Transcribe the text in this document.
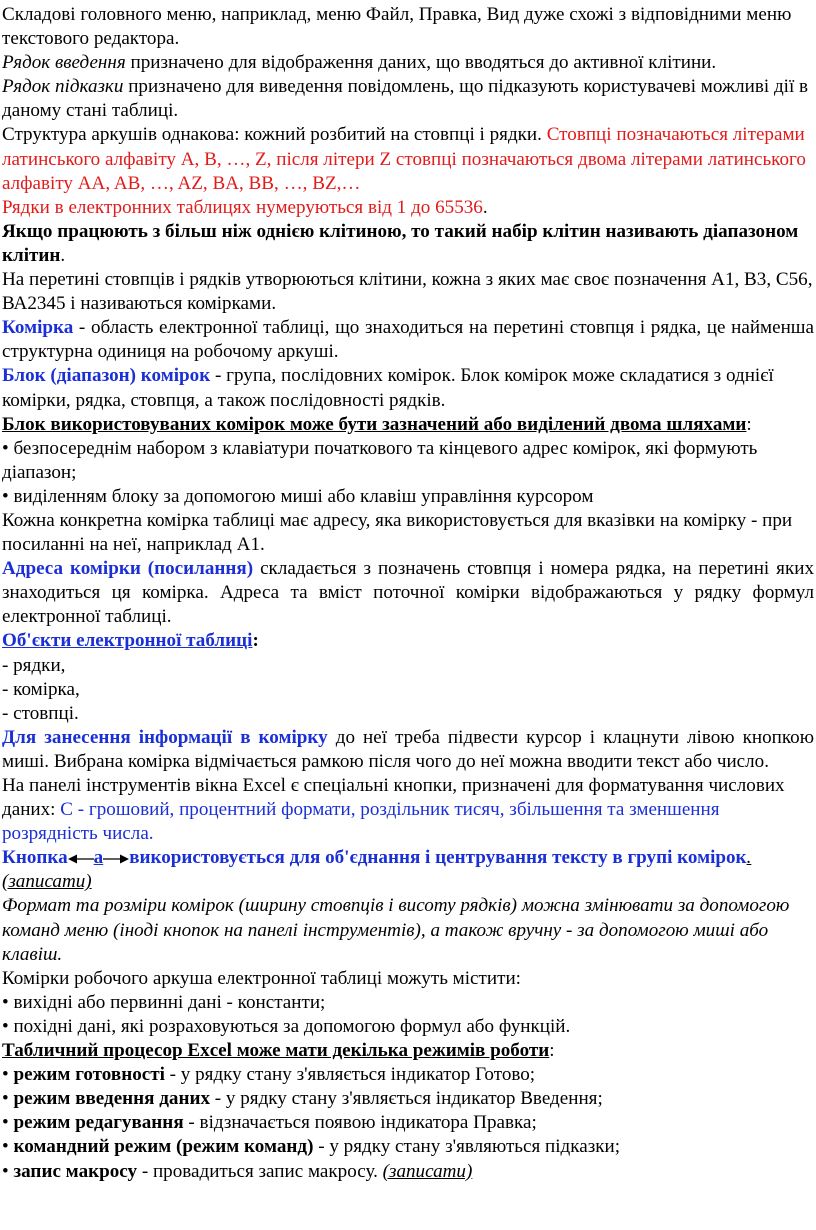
Складові головного меню, наприклад, меню Файл, Правка, Вид дуже схожі з відповідними меню текстового редактора.

Рядок введення призначено для відображення даних, що вводяться до активної клітини.

Рядок підказки призначено для виведення повідомлень, що підказують користувачеві можливі дії в даному стані таблиці.

Структура аркушів однакова: кожний розбитий на стовпці і рядки. Стовпці позначаються літерами латинського алфавіту A, B, …, Z, після літери Z стовпці позначаються двома літерами латинського алфавіту AA, AB, …, AZ, BA, BB, …, BZ,…

Рядки в електронних таблицях нумеруються від 1 до 65536.

Якщо працюють з більш ніж однією клітиною, то такий набір клітин називають діапазоном клітин.

На перетині стовпців і рядків утворюються клітини, кожна з яких має своє позначення А1, В3, С56, ВА2345 і називаються комірками.

Комірка - область електронної таблиці, що знаходиться на перетині стовпця і рядка, це найменша структурна одиниця на робочому аркуші.

Блок (діапазон) комірок - група, послідовних комірок. Блок комірок може складатися з однієї комірки, рядка, стовпця, а також послідовності рядків.

Блок використовуваних комірок може бути зазначений або виділений двома шляхами:

• безпосереднім набором з клавіатури початкового та кінцевого адрес комірок, які формують діапазон;

• виділенням блоку за допомогою миші або клавіш управління курсором

Кожна конкретна комірка таблиці має адресу, яка використовується для вказівки на комірку - при посиланні на неї, наприклад А1.

Адреса комірки (посилання) складається з позначень стовпця і номера рядка, на перетині яких знаходиться ця комірка. Адреса та вміст поточної комірки відображаються у рядку формул електронної таблиці.

Об'єкти електронної таблиці:

- рядки,

- комірка,

- стовпці.

Для занесення інформації в комірку до неї треба підвести курсор і клацнути лівою кнопкою миші. Вибрана комірка відмічається рамкою після чого до неї можна вводити текст або число.

На панелі інструментів вікна Excel є спеціальні кнопки, призначені для форматування числових даних: С - грошовий, процентний формати, роздільник тисяч, збільшення та зменшення розрядність числа.

Кнопка а використовується для об'єднання і центрування тексту в групі комірок.(записати)

Формат та розміри комірок (ширину стовпців і висоту рядків) можна змінювати за допомогою команд меню (іноді кнопок на панелі інструментів), а також вручну - за допомогою миші або клавіш.

Комірки робочого аркуша електронної таблиці можуть містити:

• вихідні або первинні дані - константи;

• похідні дані, які розраховуються за допомогою формул або функцій.

Табличний процесор Excel може мати декілька режимів роботи:

• режим готовності - у рядку стану з'являється індикатор Готово;

• режим введення даних - у рядку стану з'являється індикатор Введення;

• режим редагування - відзначається появою індикатора Правка;

• командний режим (режим команд) - у рядку стану з'являються підказки;

• запис макросу - провадиться запис макросу. (записати)
